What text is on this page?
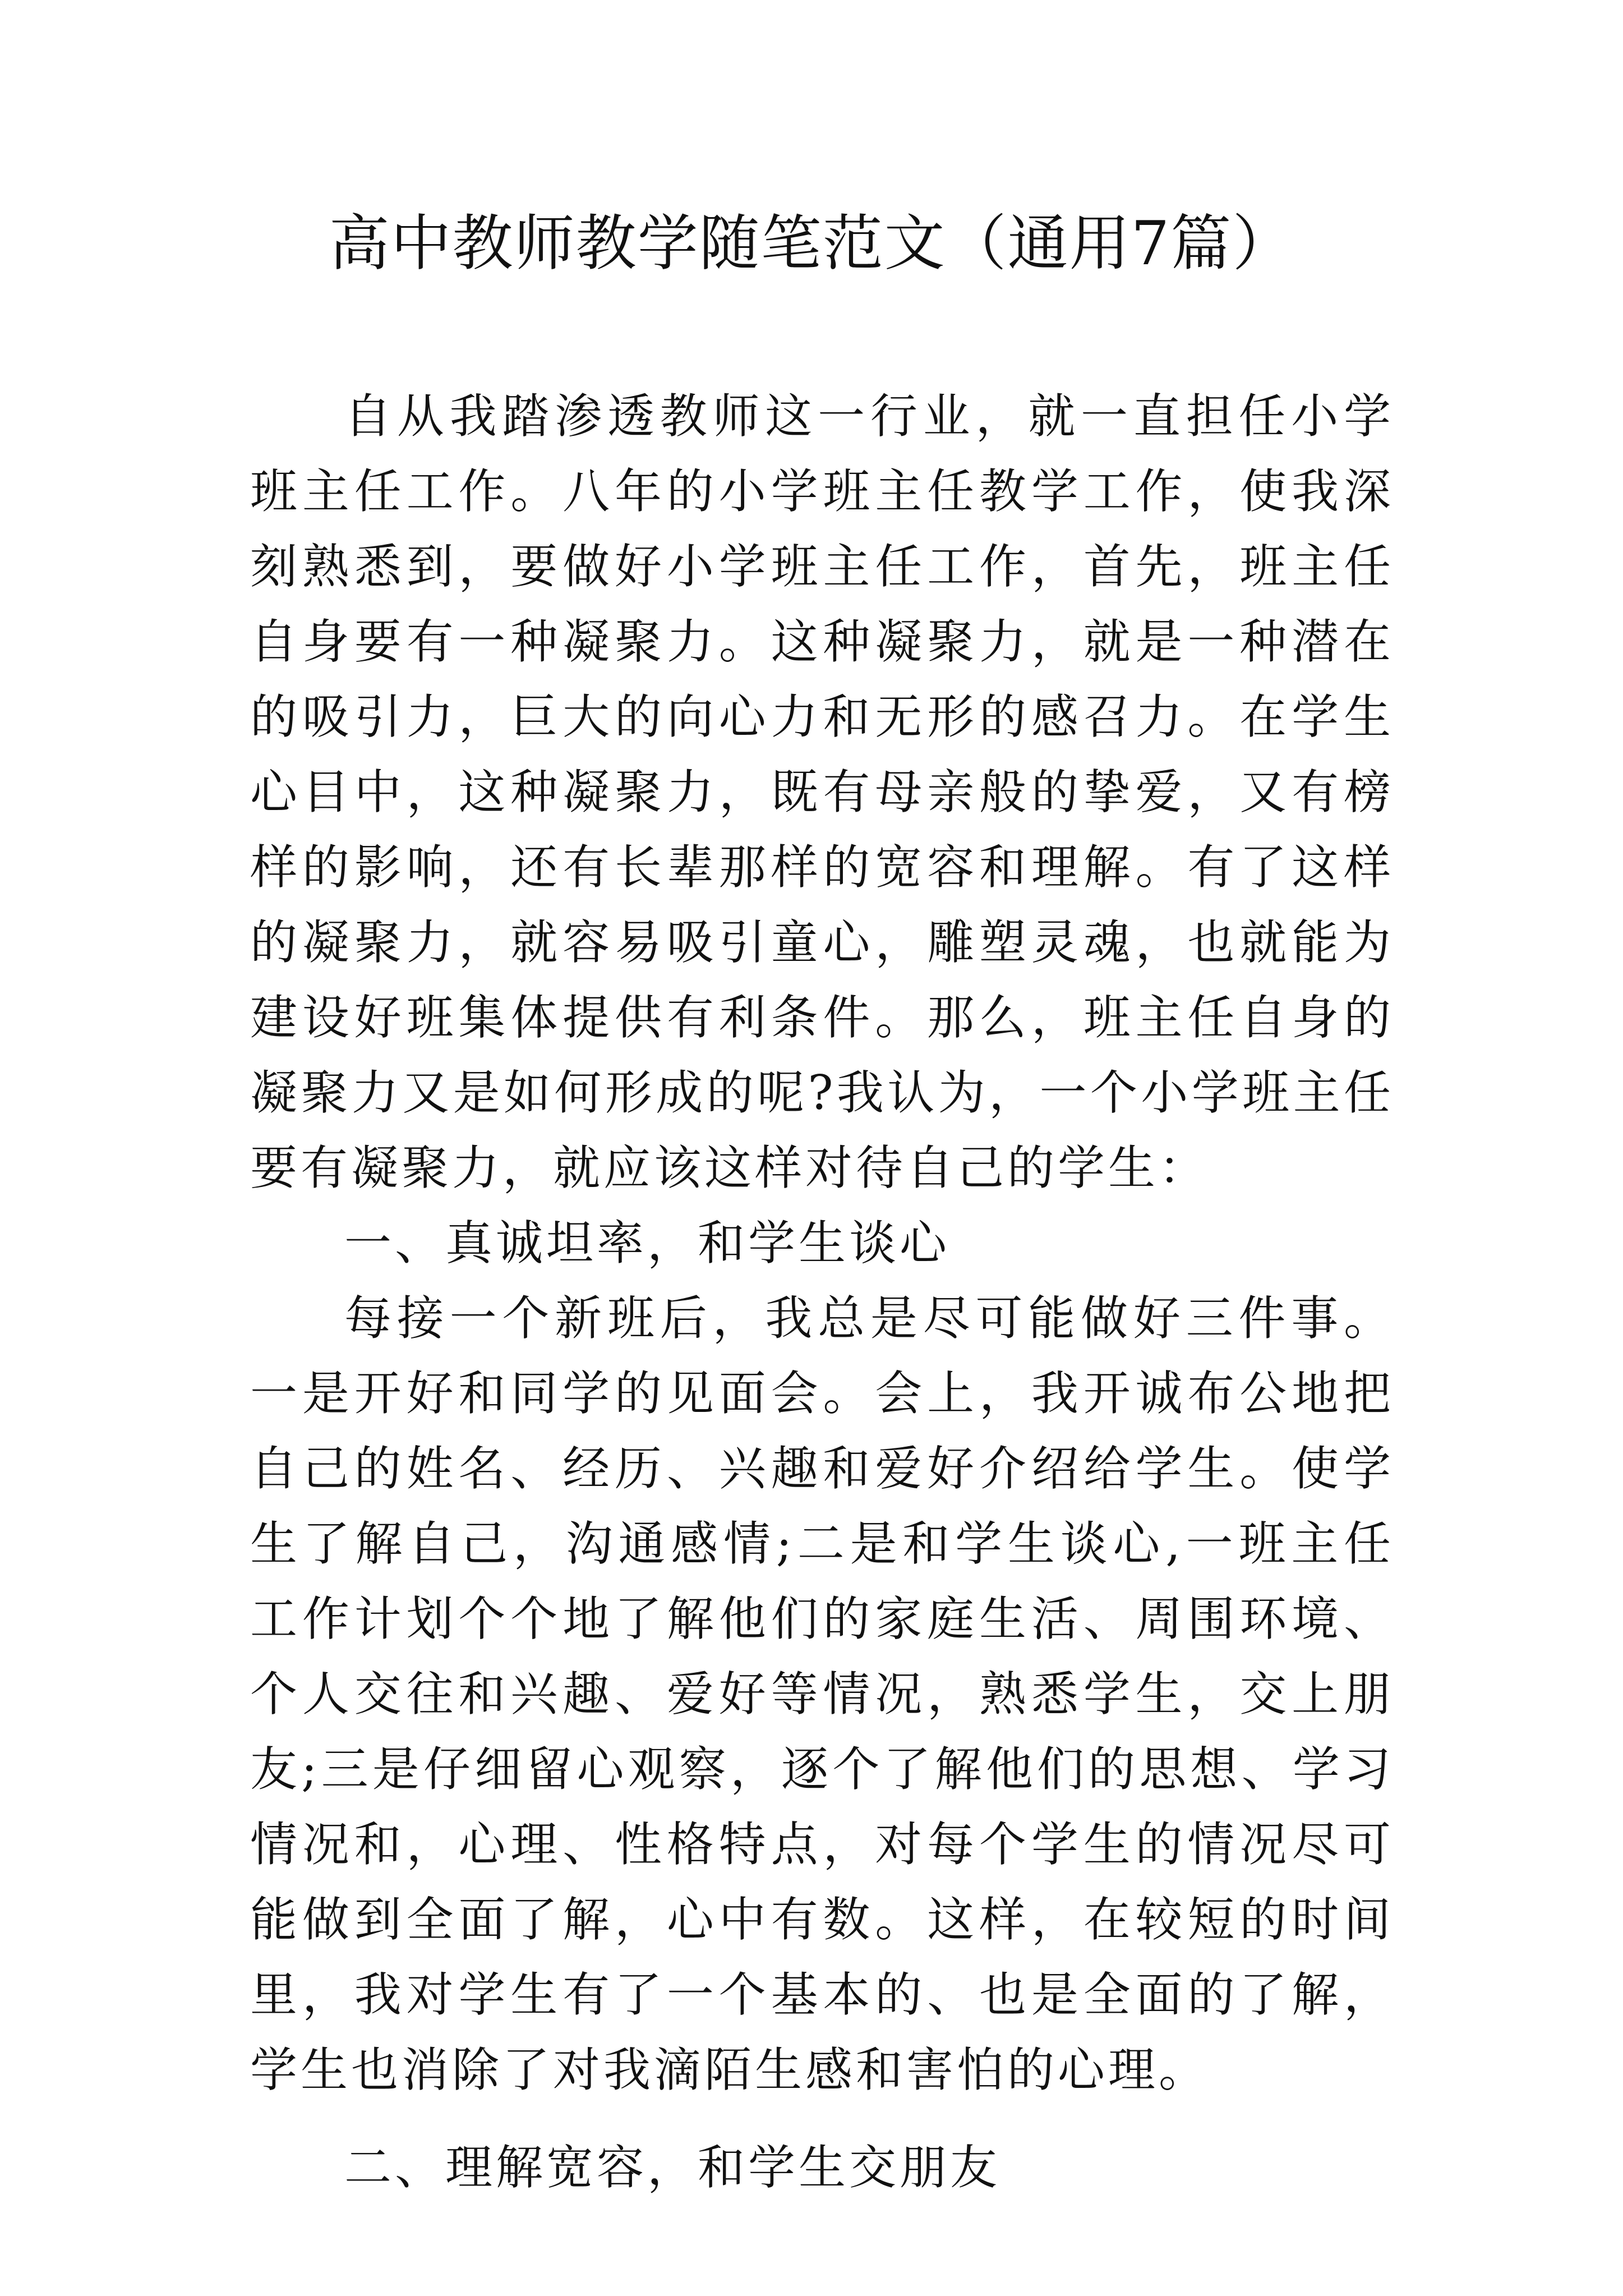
高中教师教学随笔范文（通用7篇）

自从我踏渗透教师这一行业，就一直担任小学班主任工作。八年的小学班主任教学工作，使我深刻熟悉到，要做好小学班主任工作，首先，班主任自身要有一种凝聚力。这种凝聚力，就是一种潜在的吸引力，巨大的向心力和无形的感召力。在学生心目中，这种凝聚力，既有母亲般的挚爱，又有榜样的影响，还有长辈那样的宽容和理解。有了这样的凝聚力，就容易吸引童心，雕塑灵魂，也就能为建设好班集体提供有利条件。那么，班主任自身的凝聚力又是如何形成的呢?我认为，一个小学班主任要有凝聚力，就应该这样对待自己的学生：

一、真诚坦率，和学生谈心

每接一个新班后，我总是尽可能做好三件事。一是开好和同学的见面会。会上，我开诚布公地把自己的姓名、经历、兴趣和爱好介绍给学生。使学生了解自己，沟通感情;二是和学生谈心,一班主任工作计划个个地了解他们的家庭生活、周围环境、个人交往和兴趣、爱好等情况，熟悉学生，交上朋友;三是仔细留心观察，逐个了解他们的思想、学习情况和，心理、性格特点，对每个学生的情况尽可能做到全面了解，心中有数。这样，在较短的时间里，我对学生有了一个基本的、也是全面的了解，学生也消除了对我滴陌生感和害怕的心理。

二、理解宽容，和学生交朋友
